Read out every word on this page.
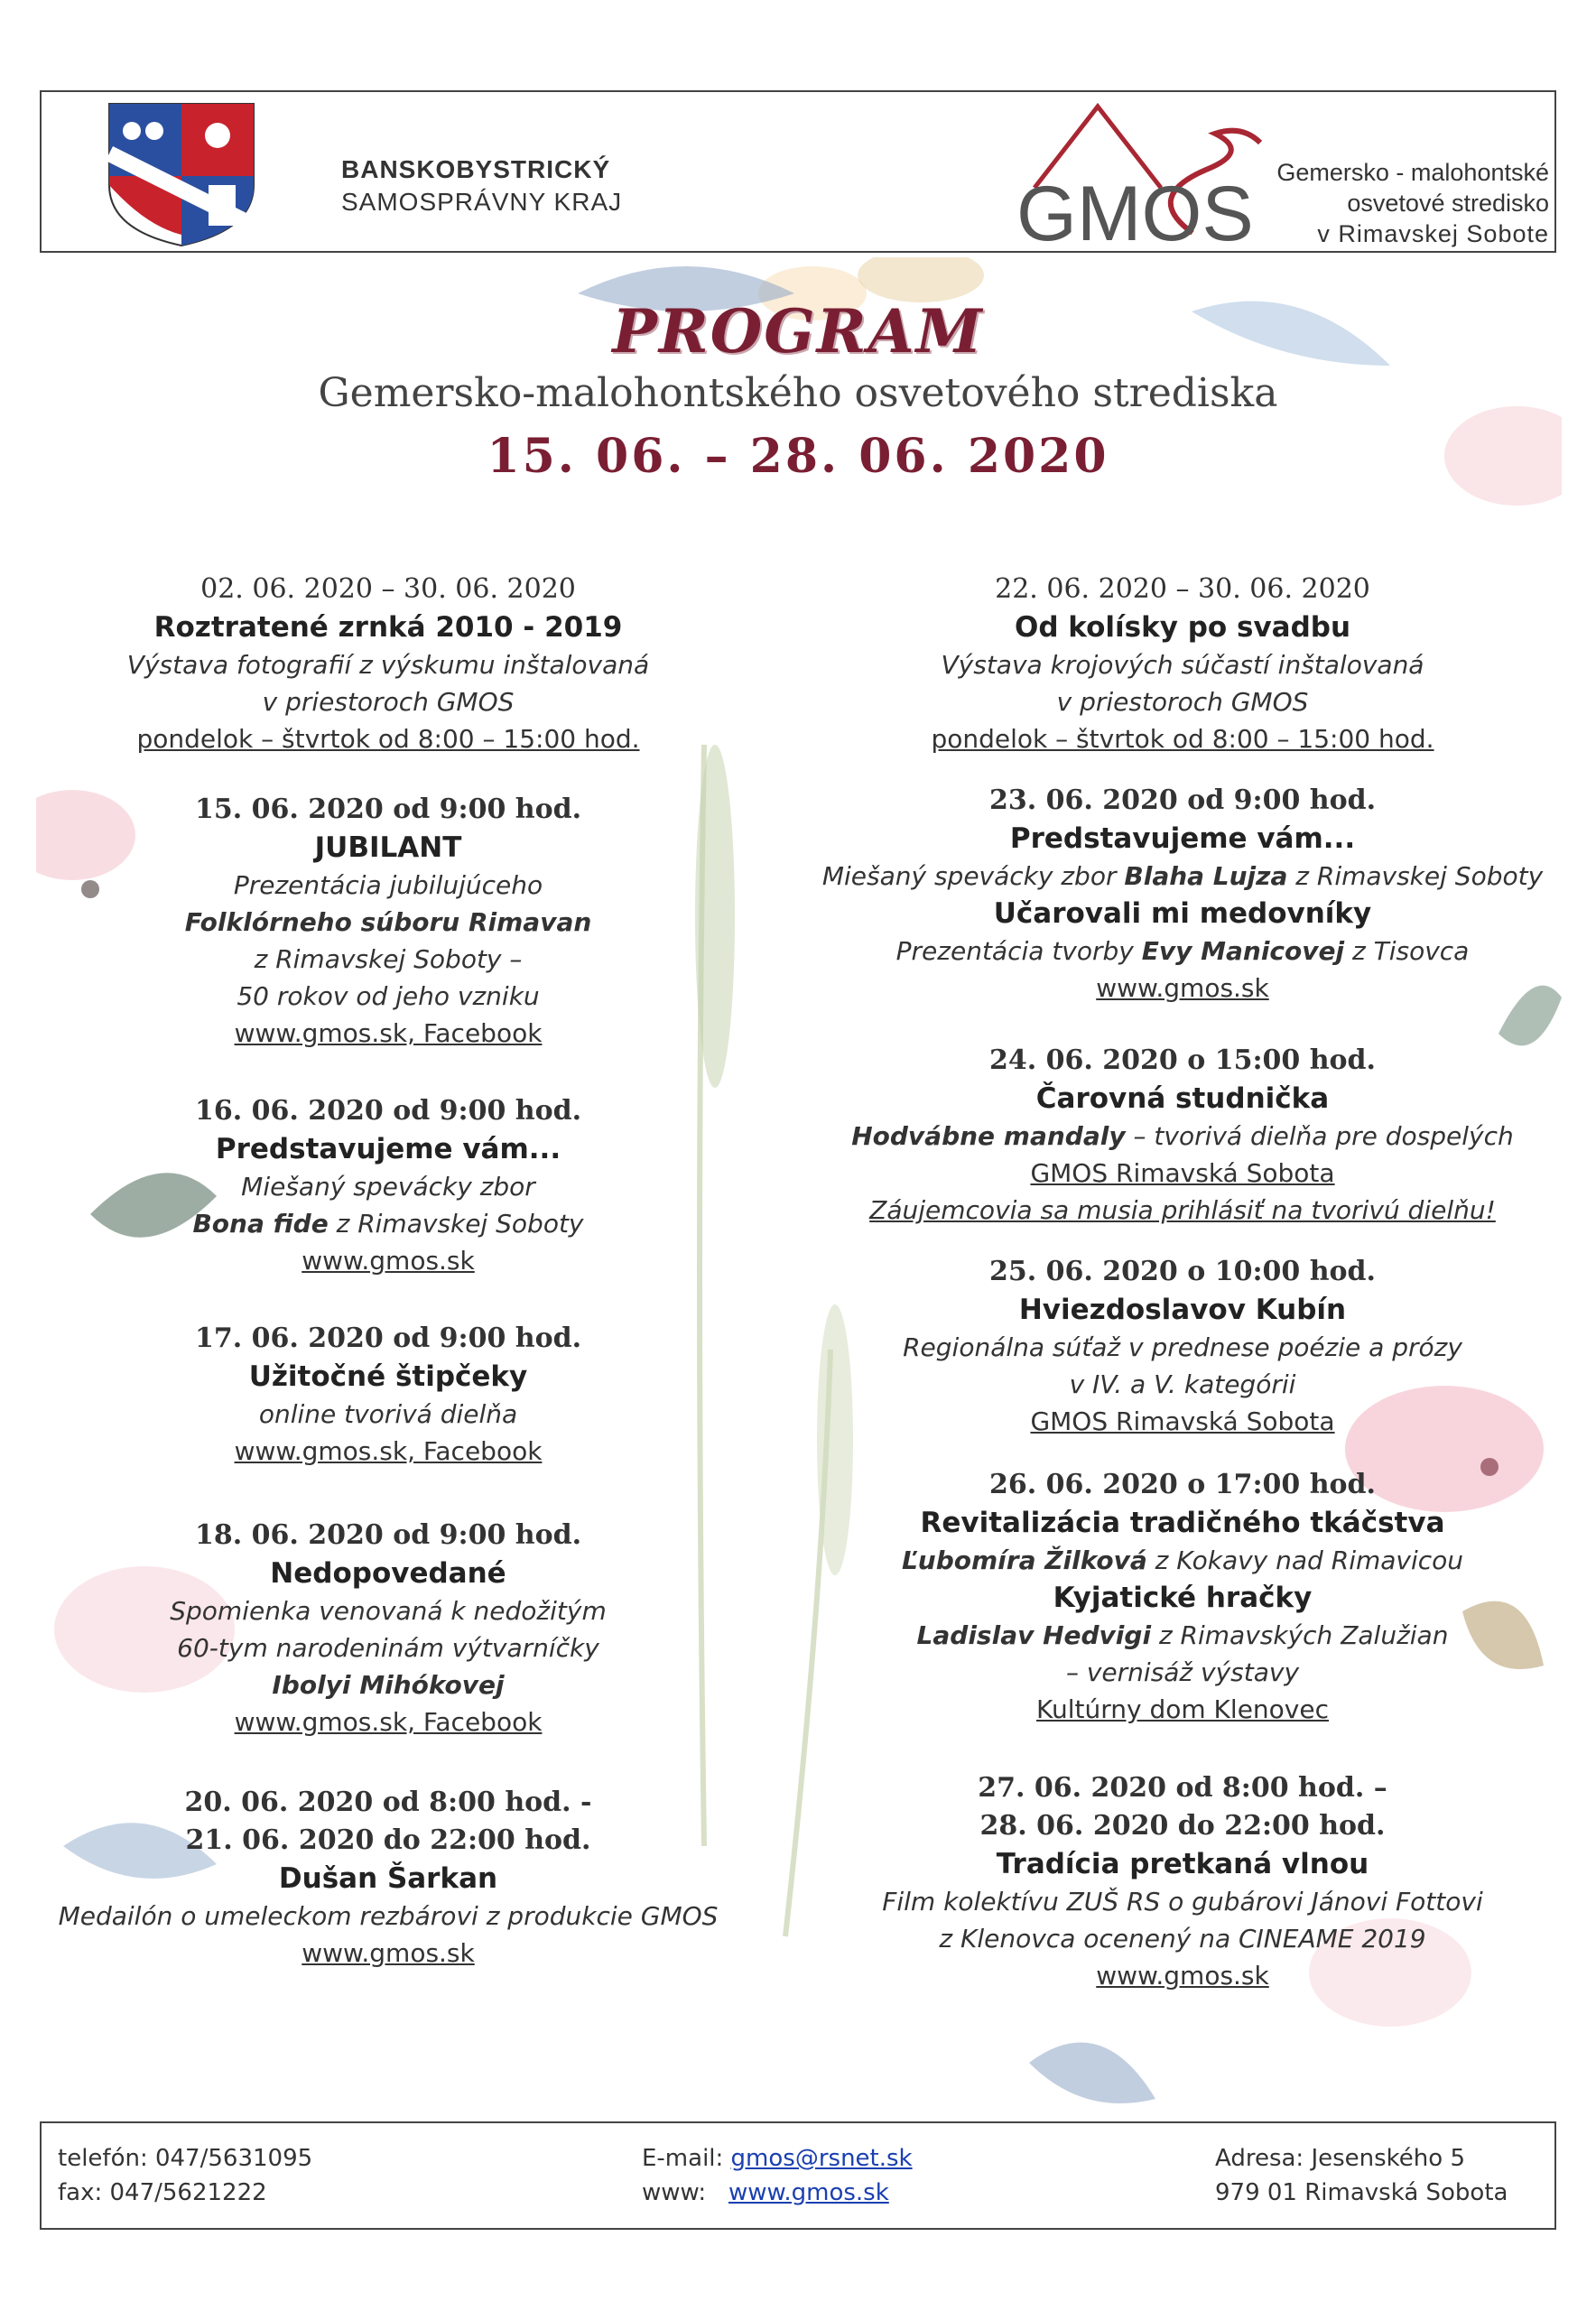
BANSKOBYSTRICKÝ
SAMOSPRÁVNY KRAJ	GMOS Gemersko - malohontské
osvetové stredisko
v Rimavskej Sobote
PROGRAM
Gemersko-malohontského osvetového strediska
15. 06. – 28. 06. 2020
02. 06. 2020 – 30. 06. 2020
Roztratené zrnká 2010 - 2019
Výstava fotografií z výskumu inštalovaná
v priestoroch GMOS
pondelok – štvrtok od 8:00 – 15:00 hod.
15. 06. 2020 od 9:00 hod.
JUBILANT
Prezentácia jubilujúceho
Folklórneho súboru Rimavan
z Rimavskej Soboty –
50 rokov od jeho vzniku
www.gmos.sk, Facebook
16. 06. 2020 od 9:00 hod.
Predstavujeme vám...
Miešaný spevácky zbor
Bona fide z Rimavskej Soboty
www.gmos.sk
17. 06. 2020 od 9:00 hod.
Užitočné štipčeky
online tvorivá dielňa
www.gmos.sk, Facebook
18. 06. 2020 od 9:00 hod.
Nedopovedané
Spomienka venovaná k nedožitým
60-tym narodeninám výtvarníčky
Ibolyi Mihókovej
www.gmos.sk, Facebook
20. 06. 2020 od 8:00 hod. -
21. 06. 2020 do 22:00 hod.
Dušan Šarkan
Medailón o umeleckom rezbárovi z produkcie GMOS
www.gmos.sk
22. 06. 2020 – 30. 06. 2020
Od kolísky po svadbu
Výstava krojových súčastí inštalovaná
v priestoroch GMOS
pondelok – štvrtok od 8:00 – 15:00 hod.
23. 06. 2020 od 9:00 hod.
Predstavujeme vám...
Miešaný spevácky zbor Blaha Lujza z Rimavskej Soboty
Učarovali mi medovníky
Prezentácia tvorby Evy Manicovej z Tisovca
www.gmos.sk
24. 06. 2020 o 15:00 hod.
Čarovná studnička
Hodvábne mandaly – tvorivá dielňa pre dospelých
GMOS Rimavská Sobota
Záujemcovia sa musia prihlásiť na tvorivú dielňu!
25. 06. 2020 o 10:00 hod.
Hviezdoslavov Kubín
Regionálna súťaž v prednese poézie a prózy
v IV. a V. kategórii
GMOS Rimavská Sobota
26. 06. 2020 o 17:00 hod.
Revitalizácia tradičného tkáčstva
Ľubomíra Žilková z Kokavy nad Rimavicou
Kyjatické hračky
Ladislav Hedvigi z Rimavských Zalužian
– vernisáž výstavy
Kultúrny dom Klenovec
27. 06. 2020 od 8:00 hod. –
28. 06. 2020 do 22:00 hod.
Tradícia pretkaná vlnou
Film kolektívu ZUŠ RS o gubárovi Jánovi Fottovi
z Klenovca ocenený na CINEAME 2019
www.gmos.sk
telefón: 047/5631095
fax: 047/5621222
E-mail: gmos@rsnet.sk
www: www.gmos.sk
Adresa: Jesenského 5
979 01 Rimavská Sobota
